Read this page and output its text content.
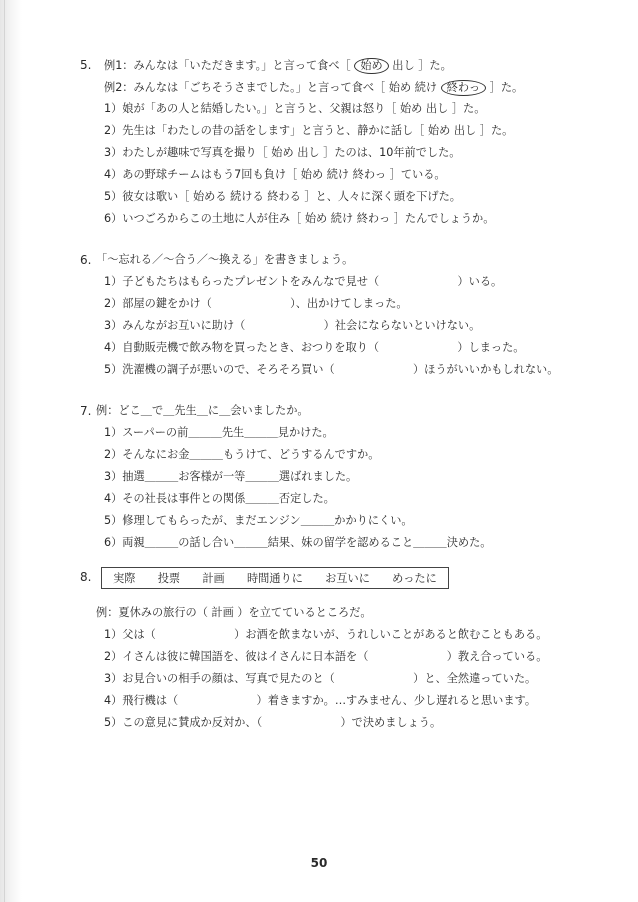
5. 例1：みんなは「いただきます。」と言って食べ［ 始め 出し ］た。
例2：みんなは「ごちそうさまでした。」と言って食べ［ 始め 続け 終わっ ］た。
1）娘が「あの人と結婚したい。」と言うと、父親は怒り［ 始め 出し ］た。
2）先生は「わたしの昔の話をします」と言うと、静かに話し［ 始め 出し ］た。
3）わたしが趣味で写真を撮り［ 始め 出し ］たのは、10年前でした。
4）あの野球チームはもう7回も負け［ 始め 続け 終わっ ］ている。
5）彼女は歌い［ 始める 続ける 終わる ］と、人々に深く頭を下げた。
6）いつごろからこの土地に人が住み［ 始め 続け 終わっ ］たんでしょうか。
6. 「～忘れる／～合う／～換える」を書きましょう。
1）子どもたちはもらったプレゼントをみんなで見せ（　　　　　　　）いる。
2）部屋の鍵をかけ（　　　　　　　）、出かけてしまった。
3）みんながお互いに助け（　　　　　　　）社会にならないといけない。
4）自動販売機で飲み物を買ったとき、おつりを取り（　　　　　　　）しまった。
5）洗濯機の調子が悪いので、そろそろ買い（　　　　　　　）ほうがいいかもしれない。
7. 例：どこ＿で＿先生＿に＿会いましたか。
1）スーパーの前＿＿＿先生＿＿＿見かけた。
2）そんなにお金＿＿＿もうけて、どうするんですか。
3）抽選＿＿＿お客様が一等＿＿＿選ばれました。
4）その社長は事件との関係＿＿＿否定した。
5）修理してもらったが、まだエンジン＿＿＿かかりにくい。
6）両親＿＿＿の話し合い＿＿＿結果、妹の留学を認めること＿＿＿決めた。
8. 実際 投票 計画 時間通りに お互いに めったに
例：夏休みの旅行の（ 計画 ）を立てているところだ。
1）父は（　　　　　　　）お酒を飲まないが、うれしいことがあると飲むこともある。
2）イさんは彼に韓国語を、彼はイさんに日本語を（　　　　　　　）教え合っている。
3）お見合いの相手の顔は、写真で見たのと（　　　　　　　）と、全然違っていた。
4）飛行機は（　　　　　　　）着きますか。…すみません、少し遅れると思います。
5）この意見に賛成か反対か、（　　　　　　　）で決めましょう。
50
